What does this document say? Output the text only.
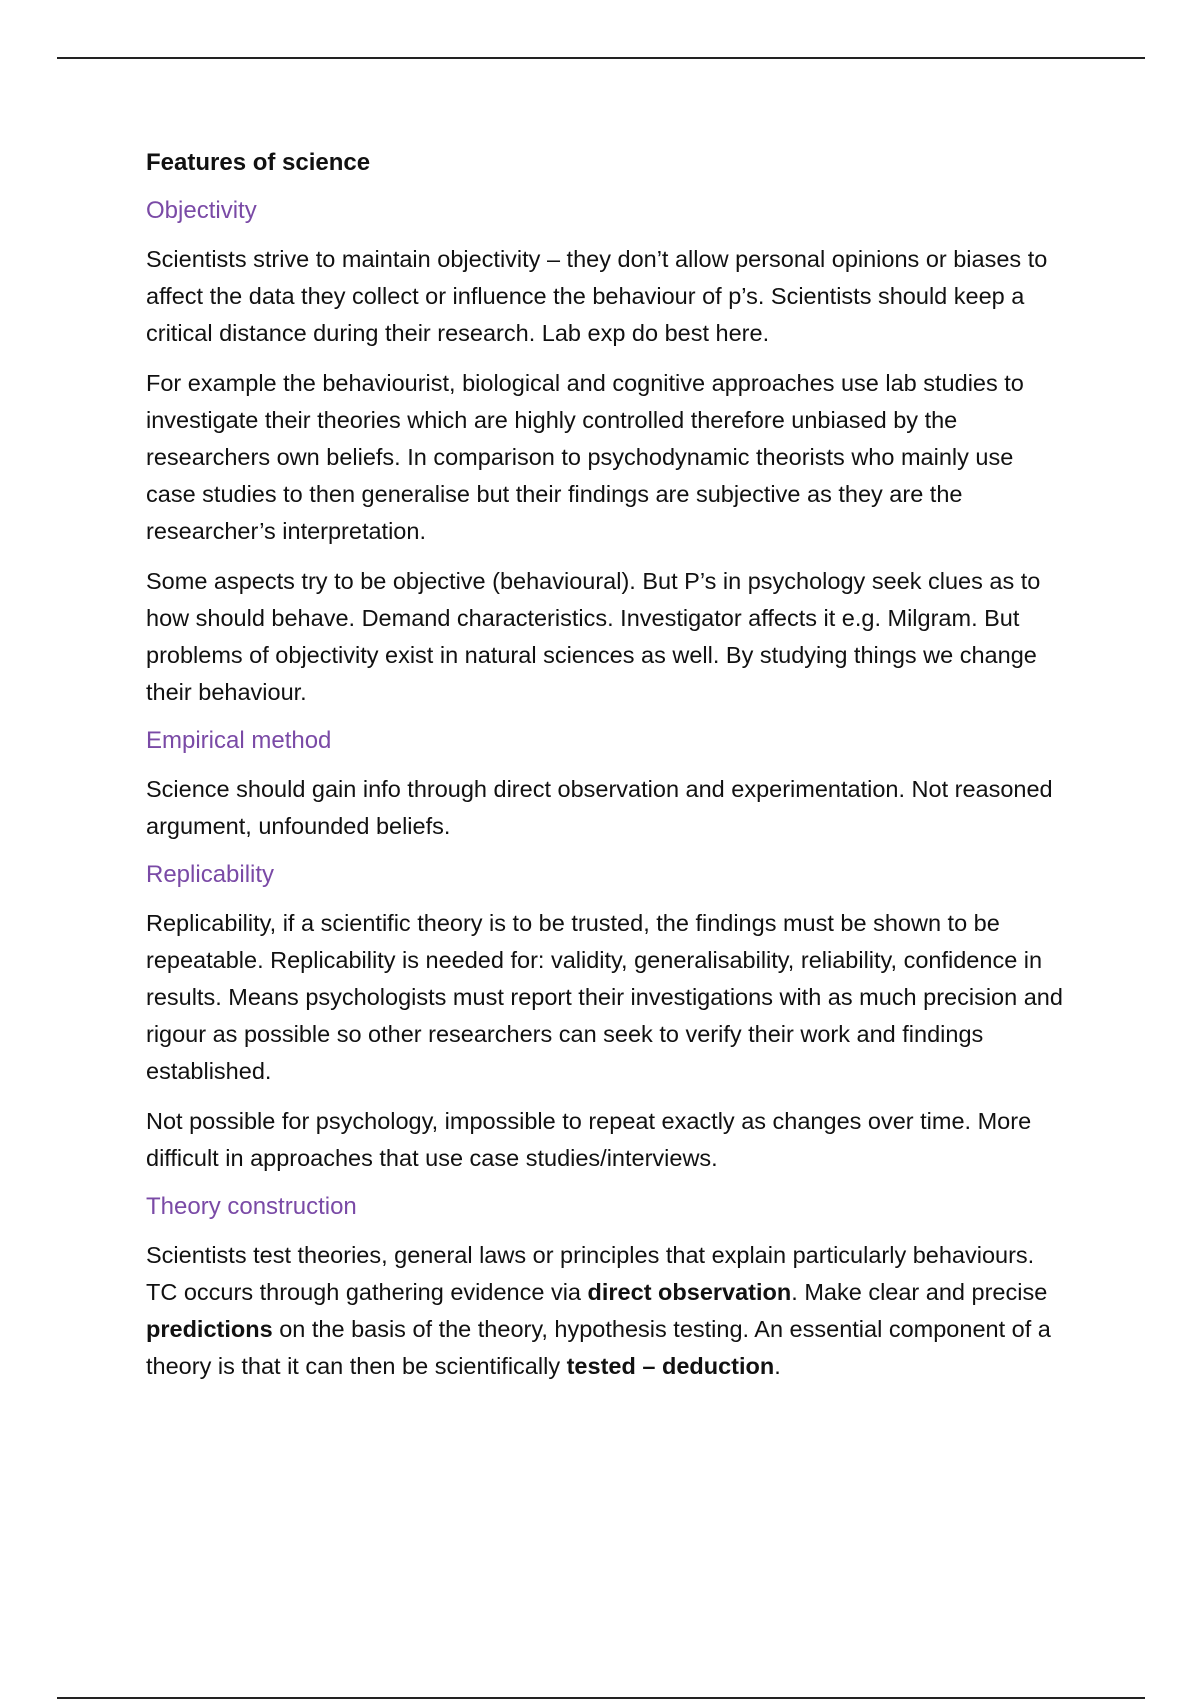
Features of science
Objectivity

Scientists strive to maintain objectivity – they don’t allow personal opinions or biases to affect the data they collect or influence the behaviour of p’s. Scientists should keep a critical distance during their research. Lab exp do best here.

For example the behaviourist, biological and cognitive approaches use lab studies to investigate their theories which are highly controlled therefore unbiased by the researchers own beliefs. In comparison to psychodynamic theorists who mainly use case studies to then generalise but their findings are subjective as they are the researcher’s interpretation.

Some aspects try to be objective (behavioural). But P’s in psychology seek clues as to how should behave. Demand characteristics. Investigator affects it e.g. Milgram. But problems of objectivity exist in natural sciences as well. By studying things we change their behaviour.

Empirical method

Science should gain info through direct observation and experimentation. Not reasoned argument, unfounded beliefs.

Replicability

Replicability, if a scientific theory is to be trusted, the findings must be shown to be repeatable. Replicability is needed for: validity, generalisability, reliability, confidence in results. Means psychologists must report their investigations with as much precision and rigour as possible so other researchers can seek to verify their work and findings established.

Not possible for psychology, impossible to repeat exactly as changes over time. More difficult in approaches that use case studies/interviews.

Theory construction

Scientists test theories, general laws or principles that explain particularly behaviours. TC occurs through gathering evidence via direct observation. Make clear and precise predictions on the basis of the theory, hypothesis testing. An essential component of a theory is that it can then be scientifically tested – deduction.
